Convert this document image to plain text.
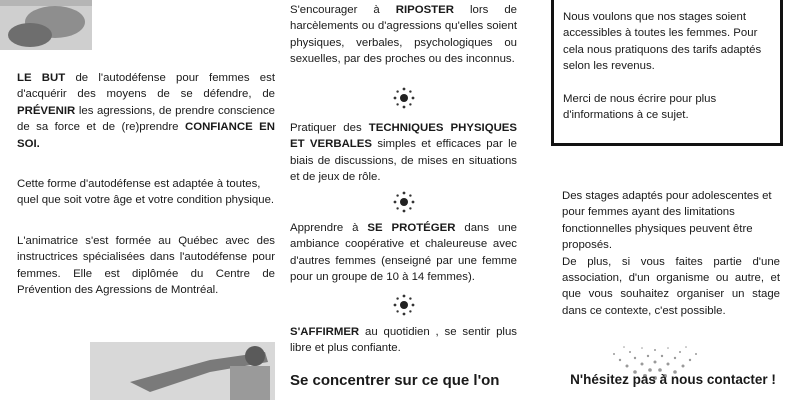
LE BUT de l'autodéfense pour femmes est d'acquérir des moyens de se défendre, de PRÉVENIR les agressions, de prendre conscience de sa force et de (re)prendre CONFIANCE EN SOI.

Cette forme d'autodéfense est adaptée à toutes, quel que soit votre âge et votre condition physique.

L'animatrice s'est formée au Québec avec des instructrices spécialisées dans l'autodéfense pour femmes. Elle est diplômée du Centre de Prévention des Agressions de Montréal.

S'encourager à RIPOSTER lors de harcèlements ou d'agressions qu'elles soient physiques, verbales, psychologiques ou sexuelles, par des proches ou des inconnus.

Pratiquer des TECHNIQUES PHYSIQUES ET VERBALES simples et efficaces par le biais de discussions, de mises en situations et de jeux de rôle.

Apprendre à SE PROTÉGER dans une ambiance coopérative et chaleureuse avec d'autres femmes (enseigné par une femme pour un groupe de 10 à 14 femmes).

S'AFFIRMER au quotidien , se sentir plus libre et plus confiante.

Se concentrer sur ce que l'on

Nous voulons que nos stages soient accessibles à toutes les femmes. Pour cela nous pratiquons des tarifs adaptés selon les revenus.

Merci de nous écrire pour plus d'informations à ce sujet.

Des stages adaptés pour adolescentes et pour femmes ayant des limitations fonctionnelles physiques peuvent être proposés.

De plus, si vous faites partie d'une association, d'un organisme ou autre, et que vous souhaitez organiser un stage dans ce contexte, c'est possible.

N'hésitez pas à nous contacter !
